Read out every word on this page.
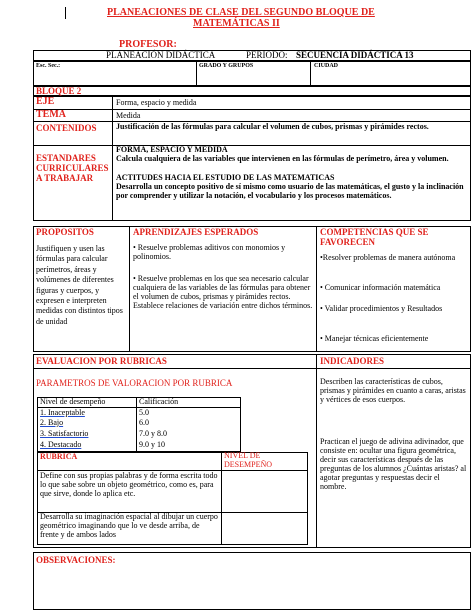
PLANEACIONES DE CLASE DEL SEGUNDO BLOQUE DE
MATEMÁTICAS II
PROFESOR:
PLANEACIÓN DIDÁCTICA	PERIODO: SECUENCIA DIDÁCTICA 13
Esc. Sec.:	GRADO Y GRUPOS	CIUDAD
BLOQUE 2
EJE	Forma, espacio y medida
TEMA	Medida
CONTENIDOS Justificación de las fórmulas para calcular el volumen de cubos, prismas y pirámides rectos.
ESTANDARES CURRICULARES A TRABAJAR
FORMA, ESPACIO Y MEDIDA
Calcula cualquiera de las variables que intervienen en las fórmulas de perímetro, área y volumen.
ACTITUDES HACIA EL ESTUDIO DE LAS MATEMATICAS
Desarrolla un concepto positivo de sí mismo como usuario de las matemáticas, el gusto y la inclinación por comprender y utilizar la notación, el vocabulario y los procesos matemáticos.
PROPOSITOS
Justifiquen y usen las fórmulas para calcular perímetros, áreas y volúmenes de diferentes figuras y cuerpos, y expresen e interpreten medidas con distintos tipos de unidad
APRENDIZAJES ESPERADOS
• Resuelve problemas aditivos con monomios y polinomios.
• Resuelve problemas en los que sea necesario calcular cualquiera de las variables de las fórmulas para obtener el volumen de cubos, prismas y pirámides rectos. Establece relaciones de variación entre dichos términos.
COMPETENCIAS QUE SE FAVORECEN
•Resolver problemas de manera autónoma
• Comunicar información matemática
• Validar procedimientos y Resultados
• Manejar técnicas eficientemente
EVALUACION POR RUBRICAS
PARAMETROS DE VALORACION POR RUBRICA
Nivel de desempeño	Calificación
1. Inaceptable	5.0
2. Bajo	6.0
3. Satisfactorio	7.0 y 8.0
4. Destacado	9.0 y 10
RUBRICA	NIVEL DE DESEMPEÑO
Define con sus propias palabras y de forma escrita todo lo que sabe sobre un objeto geométrico, como es, para que sirve, donde lo aplica etc.
Desarrolla su imaginación espacial al dibujar un cuerpo geométrico imaginando que lo ve desde arriba, de frente y de ambos lados
INDICADORES
Describen las características de cubos, prismas y pirámides en cuanto a caras, aristas y vértices de esos cuerpos.
Practican el juego de adivina adivinador, que consiste en: ocultar una figura geométrica, decir sus características después de las preguntas de los alumnos ¿Cuántas aristas? al agotar preguntas y respuestas decir el nombre.
OBSERVACIONES:
